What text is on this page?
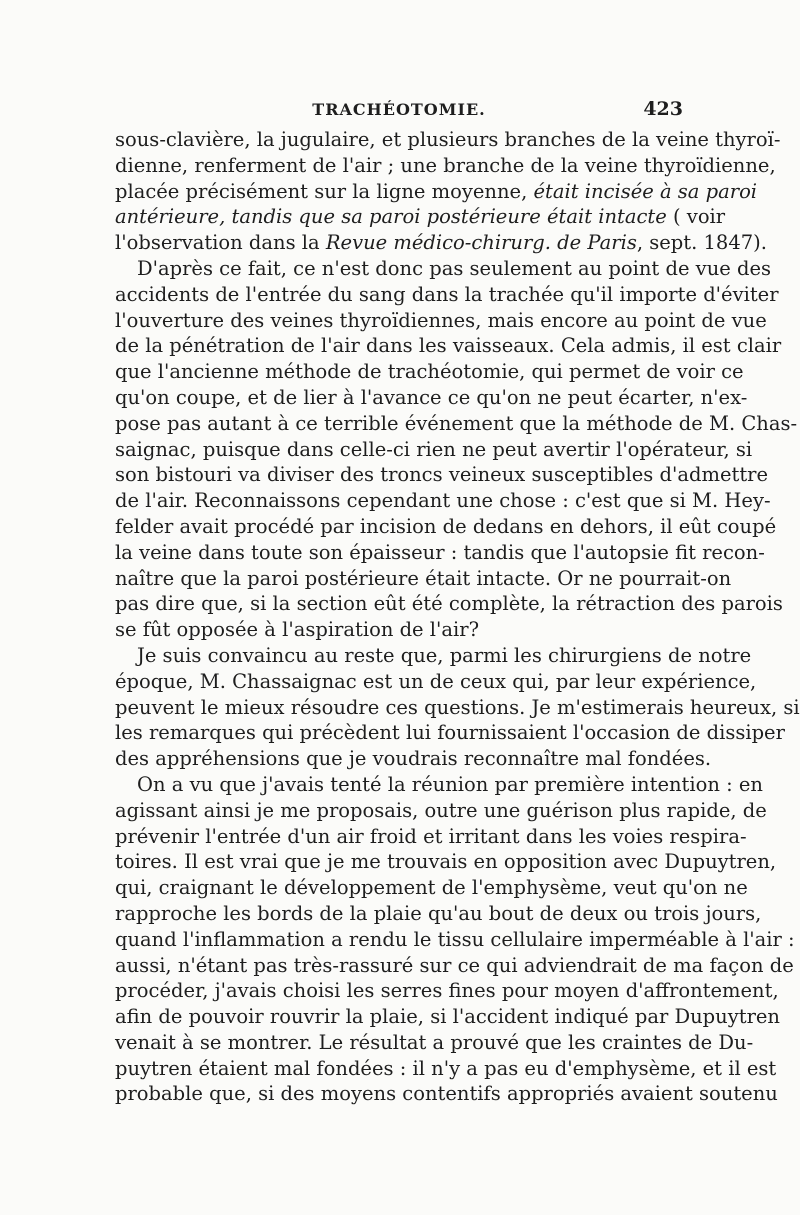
TRACHÉOTOMIE.	423
sous-clavière, la jugulaire, et plusieurs branches de la veine thyroï-
dienne, renferment de l'air ; une branche de la veine thyroïdienne,
placée précisément sur la ligne moyenne, était incisée à sa paroi
antérieure, tandis que sa paroi postérieure était intacte ( voir
l'observation dans la Revue médico-chirurg. de Paris, sept. 1847).
D'après ce fait, ce n'est donc pas seulement au point de vue des
accidents de l'entrée du sang dans la trachée qu'il importe d'éviter
l'ouverture des veines thyroïdiennes, mais encore au point de vue
de la pénétration de l'air dans les vaisseaux. Cela admis, il est clair
que l'ancienne méthode de trachéotomie, qui permet de voir ce
qu'on coupe, et de lier à l'avance ce qu'on ne peut écarter, n'ex-
pose pas autant à ce terrible événement que la méthode de M. Chas-
saignac, puisque dans celle-ci rien ne peut avertir l'opérateur, si
son bistouri va diviser des troncs veineux susceptibles d'admettre
de l'air. Reconnaissons cependant une chose : c'est que si M. Hey-
felder avait procédé par incision de dedans en dehors, il eût coupé
la veine dans toute son épaisseur : tandis que l'autopsie fit recon-
naître que la paroi postérieure était intacte. Or ne pourrait-on
pas dire que, si la section eût été complète, la rétraction des parois
se fût opposée à l'aspiration de l'air?
Je suis convaincu au reste que, parmi les chirurgiens de notre
époque, M. Chassaignac est un de ceux qui, par leur expérience,
peuvent le mieux résoudre ces questions. Je m'estimerais heureux, si
les remarques qui précèdent lui fournissaient l'occasion de dissiper
des appréhensions que je voudrais reconnaître mal fondées.
On a vu que j'avais tenté la réunion par première intention : en
agissant ainsi je me proposais, outre une guérison plus rapide, de
prévenir l'entrée d'un air froid et irritant dans les voies respira-
toires. Il est vrai que je me trouvais en opposition avec Dupuytren,
qui, craignant le développement de l'emphysème, veut qu'on ne
rapproche les bords de la plaie qu'au bout de deux ou trois jours,
quand l'inflammation a rendu le tissu cellulaire imperméable à l'air :
aussi, n'étant pas très-rassuré sur ce qui adviendrait de ma façon de
procéder, j'avais choisi les serres fines pour moyen d'affrontement,
afin de pouvoir rouvrir la plaie, si l'accident indiqué par Dupuytren
venait à se montrer. Le résultat a prouvé que les craintes de Du-
puytren étaient mal fondées : il n'y a pas eu d'emphysème, et il est
probable que, si des moyens contentifs appropriés avaient soutenu
